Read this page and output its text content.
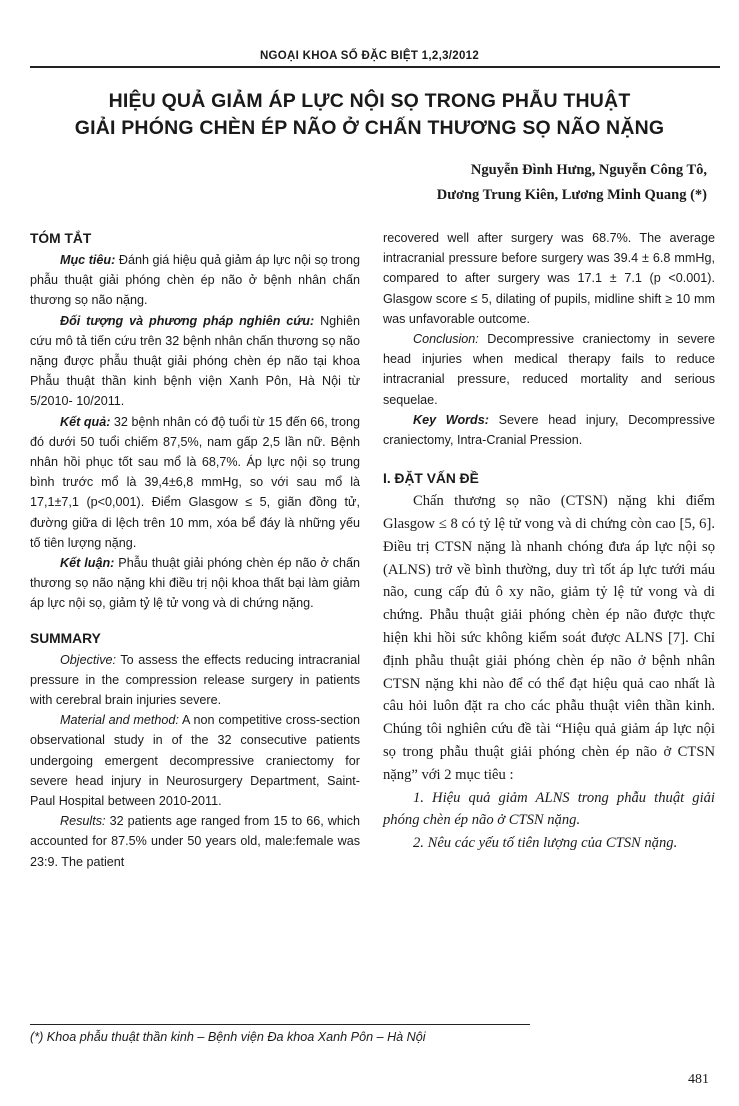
NGOẠI KHOA SỐ ĐẶC BIỆT 1,2,3/2012
HIỆU QUẢ GIẢM ÁP LỰC NỘI SỌ TRONG PHẪU THUẬT
GIẢI PHÓNG CHÈN ÉP NÃO Ở CHẤN THƯƠNG SỌ NÃO NẶNG
Nguyễn Đình Hưng, Nguyễn Công Tô,
Dương Trung Kiên, Lương Minh Quang (*)

TÓM TẮT

Mục tiêu: Đánh giá hiệu quả giảm áp lực nội sọ trong phẫu thuật giải phóng chèn ép não ở bệnh nhân chấn thương sọ não nặng.

Đối tượng và phương pháp nghiên cứu: Nghiên cứu mô tả tiến cứu trên 32 bệnh nhân chấn thương sọ não nặng được phẫu thuật giải phóng chèn ép não tại khoa Phẫu thuật thần kinh bệnh viện Xanh Pôn, Hà Nội từ 5/2010- 10/2011.

Kết quả: 32 bệnh nhân có độ tuổi từ 15 đến 66, trong đó dưới 50 tuổi chiếm 87,5%, nam gấp 2,5 lần nữ. Bệnh nhân hồi phục tốt sau mổ là 68,7%. Áp lực nội sọ trung bình trước mổ là 39,4±6,8 mmHg, so với sau mổ là 17,1±7,1 (p<0,001). Điểm Glasgow ≤ 5, giãn đồng tử, đường giữa di lệch trên 10 mm, xóa bể đáy là những yếu tố tiên lượng nặng.

Kết luận: Phẫu thuật giải phóng chèn ép não ở chấn thương sọ não nặng khi điều trị nội khoa thất bại làm giảm áp lực nội sọ, giảm tỷ lệ tử vong và di chứng nặng.

SUMMARY

Objective: To assess the effects reducing intracranial pressure in the compression release surgery in patients with cerebral brain injuries severe.

Material and method: A non competitive cross-section observational study in of the 32 consecutive patients undergoing emergent decompressive craniectomy for severe head injury in Neurosurgery Department, Saint-Paul Hospital between 2010-2011.

Results: 32 patients age ranged from 15 to 66, which accounted for 87.5% under 50 years old, male:female was 23:9. The patient

recovered well after surgery was 68.7%. The average intracranial pressure before surgery was 39.4 ± 6.8 mmHg, compared to after surgery was 17.1 ± 7.1 (p <0.001). Glasgow score ≤ 5, dilating of pupils, midline shift ≥ 10 mm was unfavorable outcome.

Conclusion: Decompressive craniectomy in severe head injuries when medical therapy fails to reduce intracranial pressure, reduced mortality and serious sequelae.

Key Words: Severe head injury, Decompressive craniectomy, Intra-Cranial Pression.

I. ĐẶT VẤN ĐỀ

Chấn thương sọ não (CTSN) nặng khi điểm Glasgow ≤ 8 có tỷ lệ tử vong và di chứng còn cao [5, 6]. Điều trị CTSN nặng là nhanh chóng đưa áp lực nội sọ (ALNS) trở về bình thường, duy trì tốt áp lực tưới máu não, cung cấp đủ ô xy não, giảm tỷ lệ tử vong và di chứng. Phẫu thuật giải phóng chèn ép não được thực hiện khi hồi sức không kiểm soát được ALNS [7]. Chỉ định phẫu thuật giải phóng chèn ép não ở bệnh nhân CTSN nặng khi nào để có thể đạt hiệu quả cao nhất là câu hỏi luôn đặt ra cho các phẫu thuật viên thần kinh. Chúng tôi nghiên cứu đề tài “Hiệu quả giảm áp lực nội sọ trong phẫu thuật giải phóng chèn ép não ở CTSN nặng” với 2 mục tiêu :

1. Hiệu quả giảm ALNS trong phẫu thuật giải phóng chèn ép não ở CTSN nặng.

2. Nêu các yếu tố tiên lượng của CTSN nặng.

(*) Khoa phẫu thuật thần kinh – Bệnh viện Đa khoa Xanh Pôn – Hà Nội
481
